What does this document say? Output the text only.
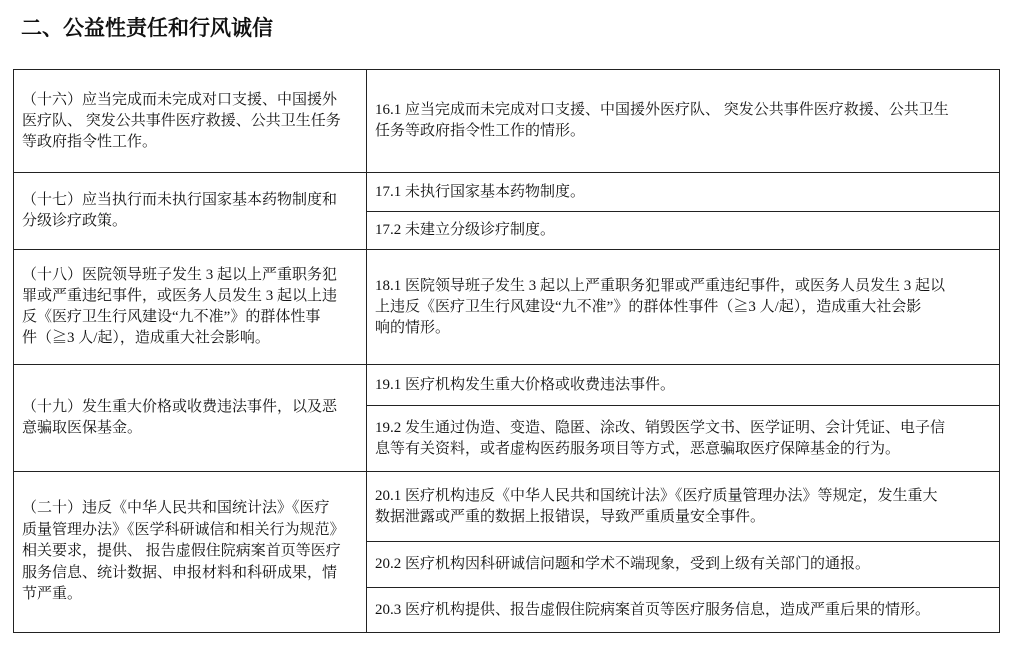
二、公益性责任和行风诚信
（十六）应当完成而未完成对口支援、中国援外
医疗队、 突发公共事件医疗救援、公共卫生任务
等政府指令性工作。	16.1 应当完成而未完成对口支援、中国援外医疗队、 突发公共事件医疗救援、公共卫生
任务等政府指令性工作的情形。

（十七）应当执行而未执行国家基本药物制度和
分级诊疗政策。	17.1 未执行国家基本药物制度。

	17.2 未建立分级诊疗制度。

（十八）医院领导班子发生 3 起以上严重职务犯
罪或严重违纪事件，或医务人员发生 3 起以上违
反《医疗卫生行风建设“九不准”》的群体性事
件（≧3 人/起），造成重大社会影响。	18.1 医院领导班子发生 3 起以上严重职务犯罪或严重违纪事件，或医务人员发生 3 起以
上违反《医疗卫生行风建设“九不准”》的群体性事件（≧3 人/起），造成重大社会影
响的情形。

（十九）发生重大价格或收费违法事件，以及恶
意骗取医保基金。	19.1 医疗机构发生重大价格或收费违法事件。

	19.2 发生通过伪造、变造、隐匿、涂改、销毁医学文书、医学证明、会计凭证、电子信
息等有关资料，或者虚构医药服务项目等方式，恶意骗取医疗保障基金的行为。

（二十）违反《中华人民共和国统计法》《医疗
质量管理办法》《医学科研诚信和相关行为规范》
相关要求，提供、 报告虚假住院病案首页等医疗
服务信息、统计数据、申报材料和科研成果，情
节严重。	20.1 医疗机构违反《中华人民共和国统计法》《医疗质量管理办法》等规定，发生重大
数据泄露或严重的数据上报错误，导致严重质量安全事件。

	20.2 医疗机构因科研诚信问题和学术不端现象，受到上级有关部门的通报。

	20.3 医疗机构提供、报告虚假住院病案首页等医疗服务信息，造成严重后果的情形。
